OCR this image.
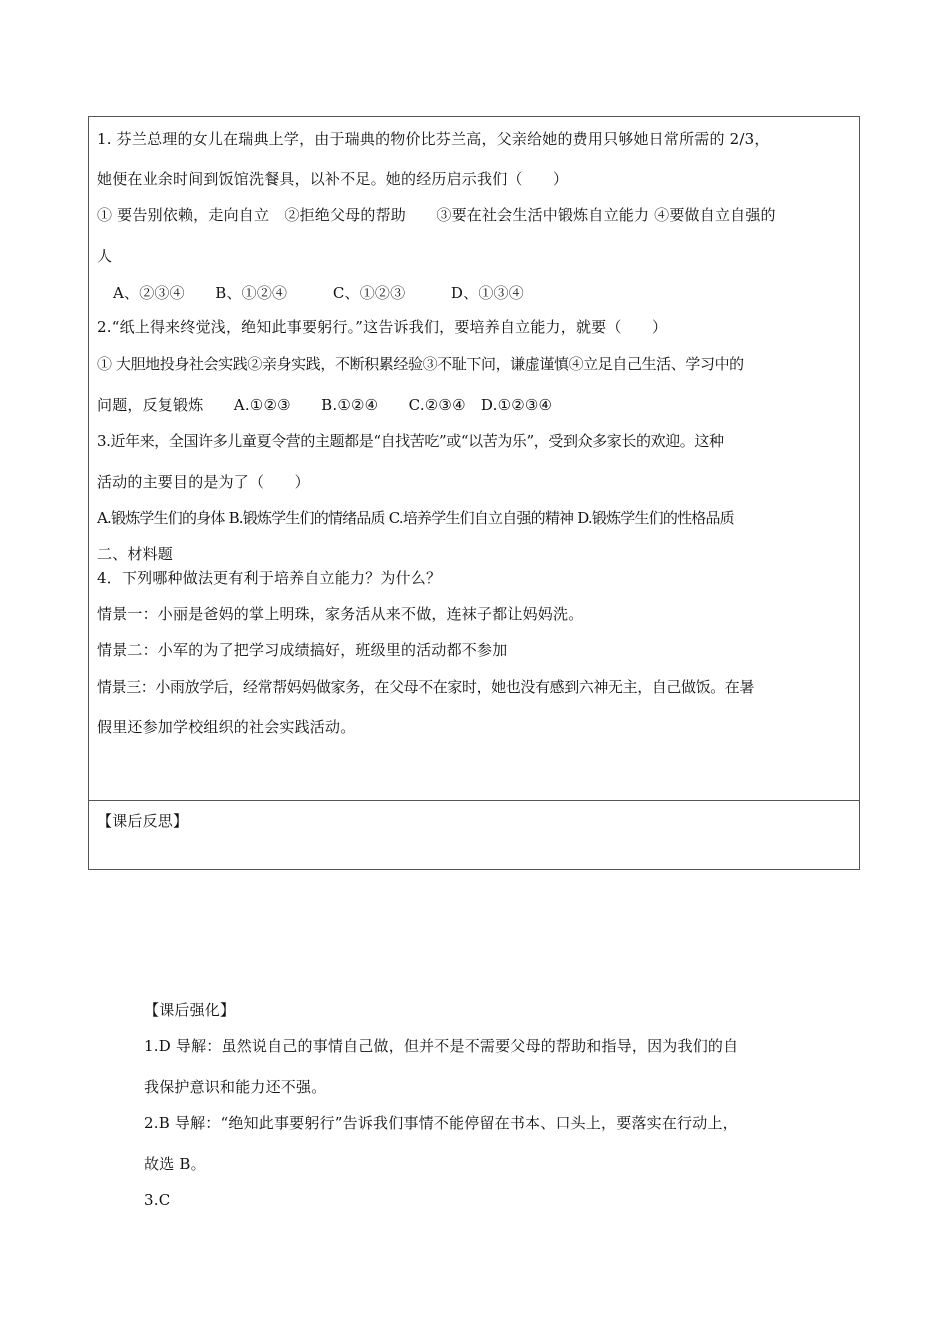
1. 芬兰总理的女儿在瑞典上学，由于瑞典的物价比芬兰高，父亲给她的费用只够她日常所需的 2/3，
她便在业余时间到饭馆洗餐具，以补不足。她的经历启示我们（　　）
① 要告别依赖，走向自立　②拒绝父母的帮助　　③要在社会生活中锻炼自立能力 ④要做自立自强的
人
A、②③④　　B、①②④　　　C、①②③　　　D、①③④
2.“纸上得来终觉浅，绝知此事要躬行。”这告诉我们，要培养自立能力，就要（　　）
① 大胆地投身社会实践②亲身实践，不断积累经验③不耻下问，谦虚谨慎④立足自己生活、学习中的
问题，反复锻炼　　A.①②③　　B.①②④　　C.②③④　D.①②③④
3.近年来，全国许多儿童夏令营的主题都是“自找苦吃”或“以苦为乐”，受到众多家长的欢迎。这种
活动的主要目的是为了（　　）
A.锻炼学生们的身体 B.锻炼学生们的情绪品质 C.培养学生们自立自强的精神 D.锻炼学生们的性格品质
二、材料题
4．下列哪种做法更有利于培养自立能力？为什么？
情景一：小丽是爸妈的掌上明珠，家务活从来不做，连袜子都让妈妈洗。
情景二：小军的为了把学习成绩搞好，班级里的活动都不参加
情景三：小雨放学后，经常帮妈妈做家务，在父母不在家时，她也没有感到六神无主，自己做饭。在暑
假里还参加学校组织的社会实践活动。
【课后反思】
【课后强化】
1.D 导解：虽然说自己的事情自己做，但并不是不需要父母的帮助和指导，因为我们的自
我保护意识和能力还不强。
2.B 导解：“绝知此事要躬行”告诉我们事情不能停留在书本、口头上，要落实在行动上，
故选 B。
3.C
